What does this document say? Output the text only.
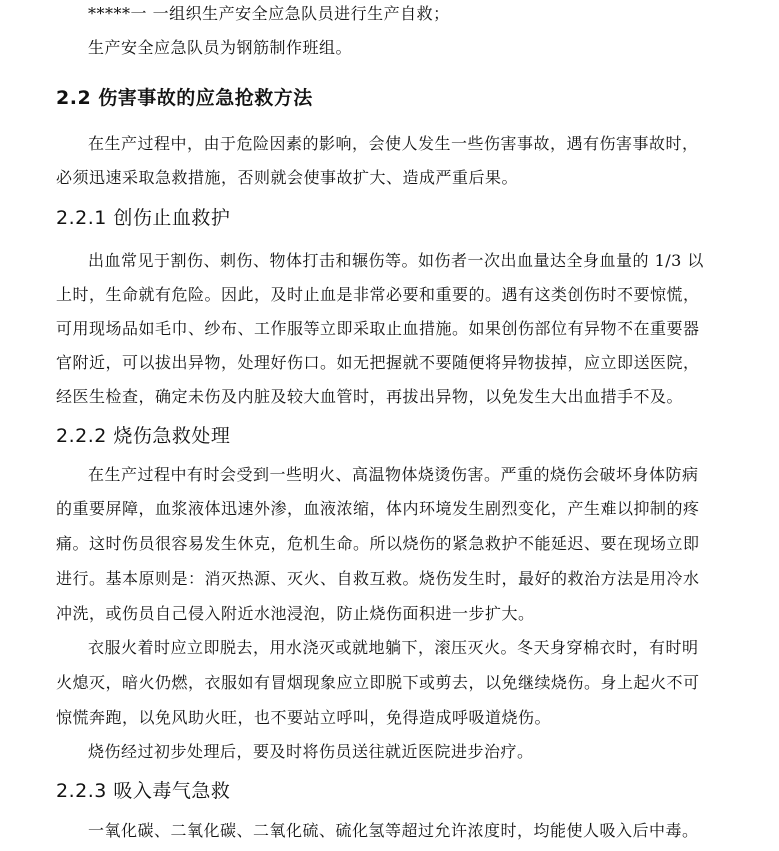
*****一 一组织生产安全应急队员进行生产自救；
生产安全应急队员为钢筋制作班组。
2.2 伤害事故的应急抢救方法
在生产过程中，由于危险因素的影响，会使人发生一些伤害事故，遇有伤害事故时，
必须迅速采取急救措施，否则就会使事故扩大、造成严重后果。
2.2.1 创伤止血救护
出血常见于割伤、刺伤、物体打击和辗伤等。如伤者一次出血量达全身血量的 1/3 以
上时，生命就有危险。因此，及时止血是非常必要和重要的。遇有这类创伤时不要惊慌，
可用现场品如毛巾、纱布、工作服等立即采取止血措施。如果创伤部位有异物不在重要器
官附近，可以拔出异物，处理好伤口。如无把握就不要随便将异物拔掉，应立即送医院，
经医生检查，确定未伤及内脏及较大血管时，再拔出异物，以免发生大出血措手不及。
2.2.2 烧伤急救处理
在生产过程中有时会受到一些明火、高温物体烧烫伤害。严重的烧伤会破坏身体防病
的重要屏障，血浆液体迅速外渗，血液浓缩，体内环境发生剧烈变化，产生难以抑制的疼
痛。这时伤员很容易发生休克，危机生命。所以烧伤的紧急救护不能延迟、要在现场立即
进行。基本原则是：消灭热源、灭火、自救互救。烧伤发生时，最好的救治方法是用冷水
冲洗，或伤员自己侵入附近水池浸泡，防止烧伤面积进一步扩大。
衣服火着时应立即脱去，用水浇灭或就地躺下，滚压灭火。冬天身穿棉衣时，有时明
火熄灭，暗火仍燃，衣服如有冒烟现象应立即脱下或剪去，以免继续烧伤。身上起火不可
惊慌奔跑，以免风助火旺，也不要站立呼叫，免得造成呼吸道烧伤。
烧伤经过初步处理后，要及时将伤员送往就近医院进步治疗。
2.2.3 吸入毒气急救
一氧化碳、二氧化碳、二氧化硫、硫化氢等超过允许浓度时，均能使人吸入后中毒。
